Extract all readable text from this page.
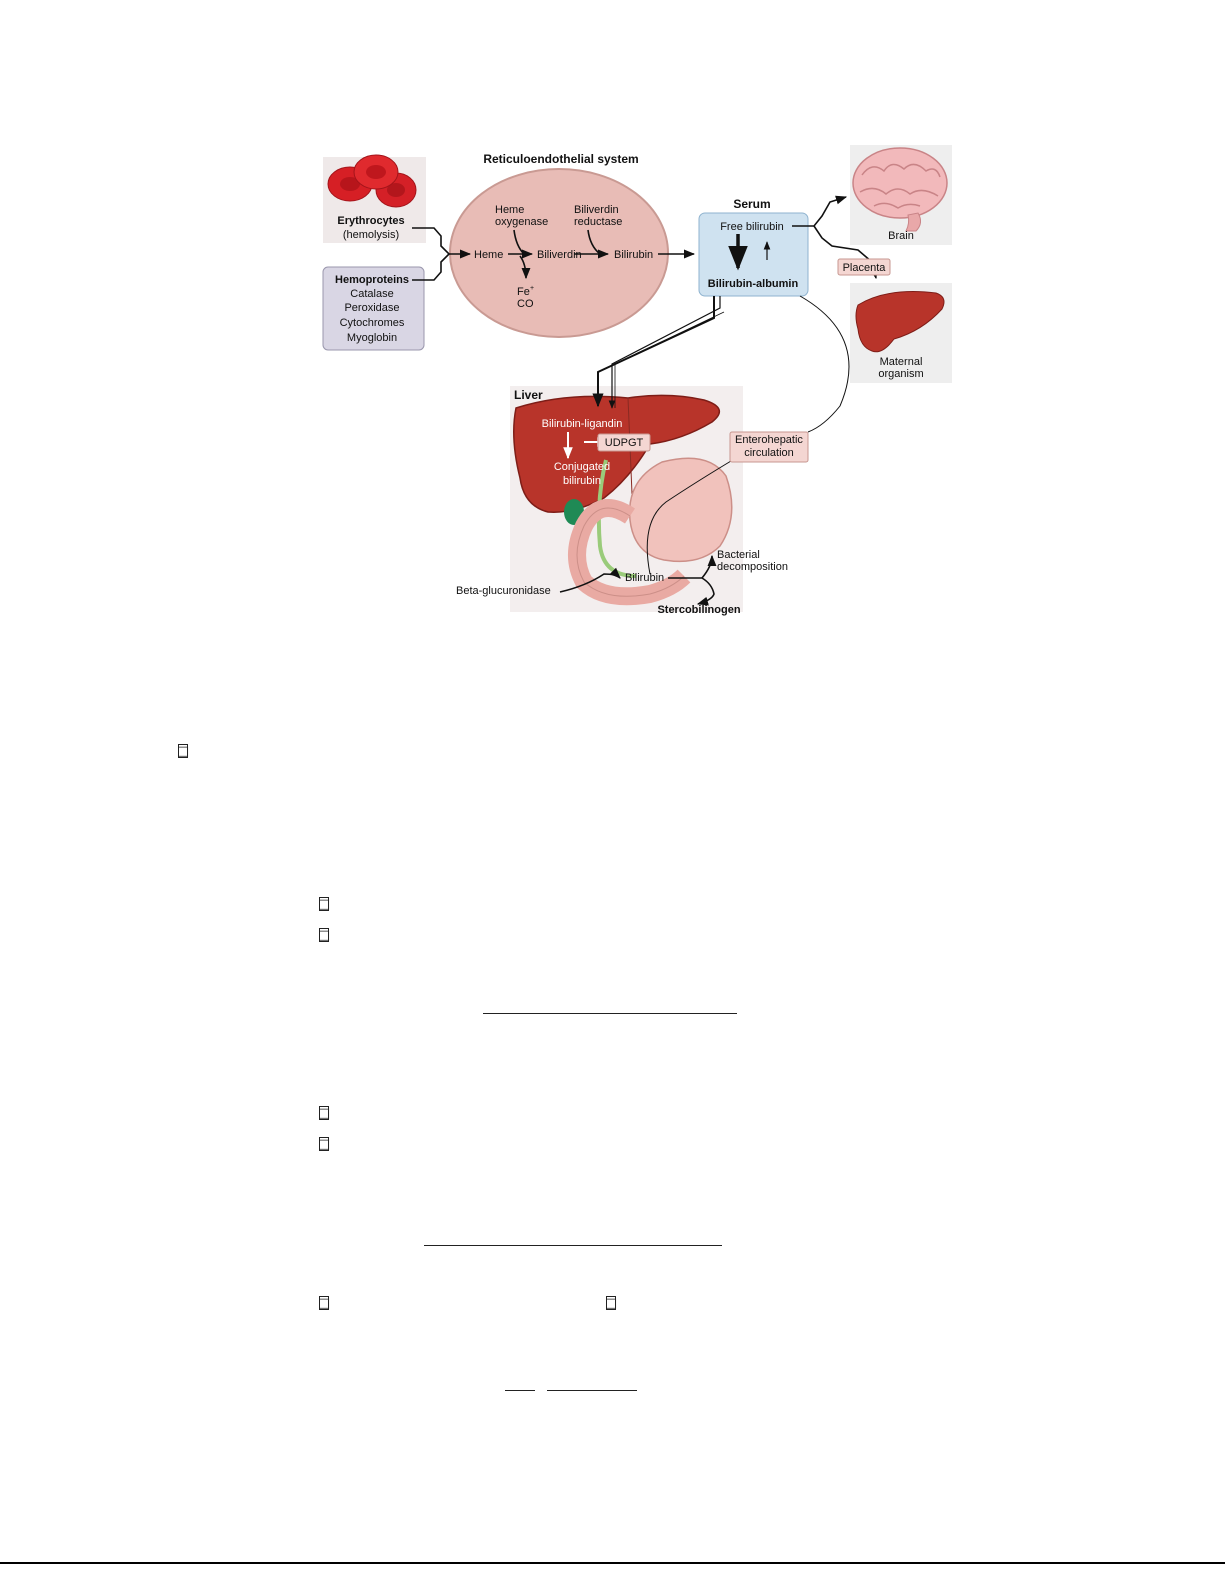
Reticuloendothelial system
Erythrocytes
(hemolysis)
Hemoproteins
Catalase
Peroxidase
Cytochromes
Myoglobin
Heme
oxygenase
Biliverdin
reductase
Heme	Biliverdin	Bilirubin
Fe +
CO
Serum
Free bilirubin
Bilirubin-albumin
Brain
Placenta
Maternal
organism
Liver
Bilirubin-ligandin
UDPGT
Conjugated
bilirubin
Enterohepatic
circulation
Bacterial
decomposition
Beta-glucuronidase
Bilirubin
Stercobilinogen
□
□
□
□
□
□	□
